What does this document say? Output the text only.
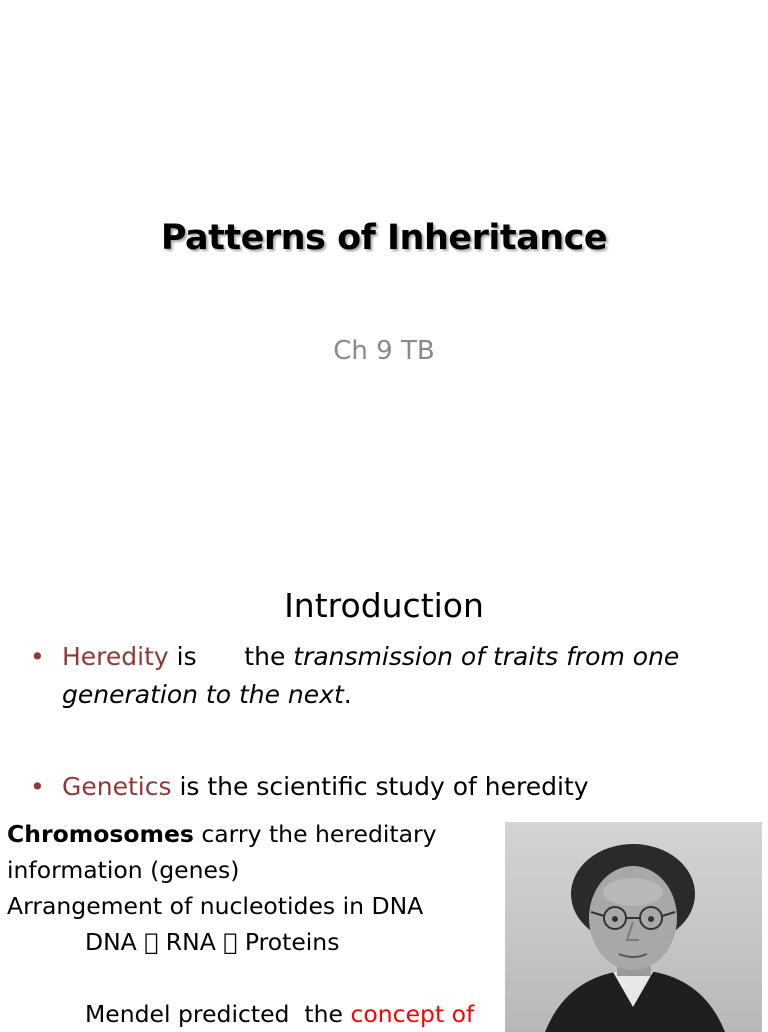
Patterns of Inheritance
Ch 9 TB
Introduction
• Heredity is      the transmission of traits from one generation to the next.
• Genetics is the scientific study of heredity
Chromosomes carry the hereditary
information (genes)
Arrangement of nucleotides in DNA
DNA   RNA   Proteins

Mendel predicted  the concept of
